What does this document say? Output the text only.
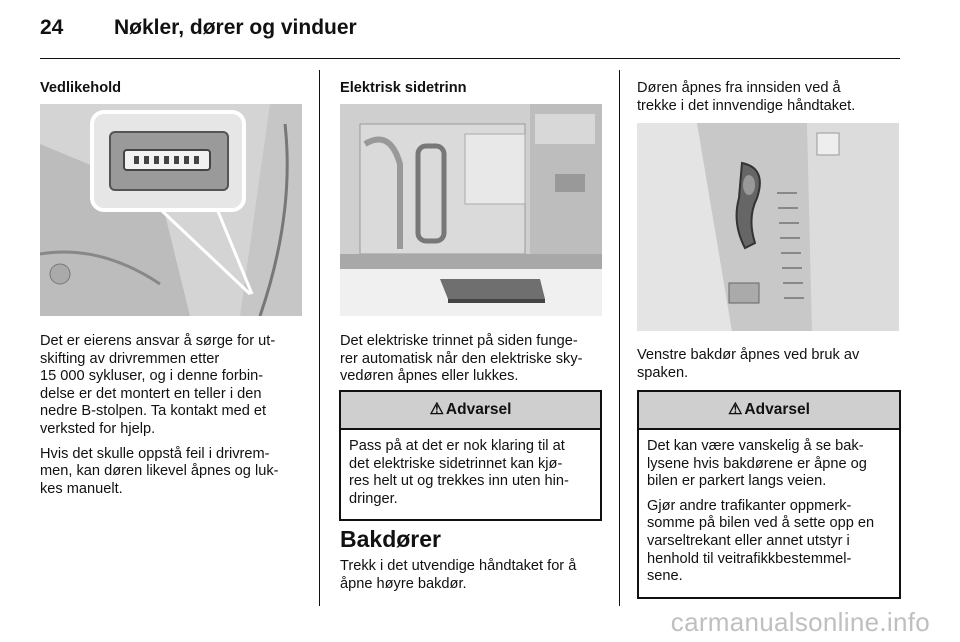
24 Nøkler, dører og vinduer
Vedlikehold

Det er eierens ansvar å sørge for ut-
skifting av drivremmen etter
15 000 sykluser, og i denne forbin-
delse er det montert en teller i den
nedre B-stolpen. Ta kontakt med et
verksted for hjelp.

Hvis det skulle oppstå feil i drivrem-
men, kan døren likevel åpnes og luk-
kes manuelt.

Elektrisk sidetrinn

Det elektriske trinnet på siden funge-
rer automatisk når den elektriske sky-
vedøren åpnes eller lukkes.

⚠ Advarsel

Pass på at det er nok klaring til at
det elektriske sidetrinnet kan kjø-
res helt ut og trekkes inn uten hin-
dringer.

Bakdører
Trekk i det utvendige håndtaket for å
åpne høyre bakdør.

Døren åpnes fra innsiden ved å
trekke i det innvendige håndtaket.

Venstre bakdør åpnes ved bruk av
spaken.

⚠ Advarsel

Det kan være vanskelig å se bak-
lysene hvis bakdørene er åpne og
bilen er parkert langs veien.

Gjør andre trafikanter oppmerk-
somme på bilen ved å sette opp en
varseltrekant eller annet utstyr i
henhold til veitrafikkbestemmel-
sene.

carmanualsonline.info
